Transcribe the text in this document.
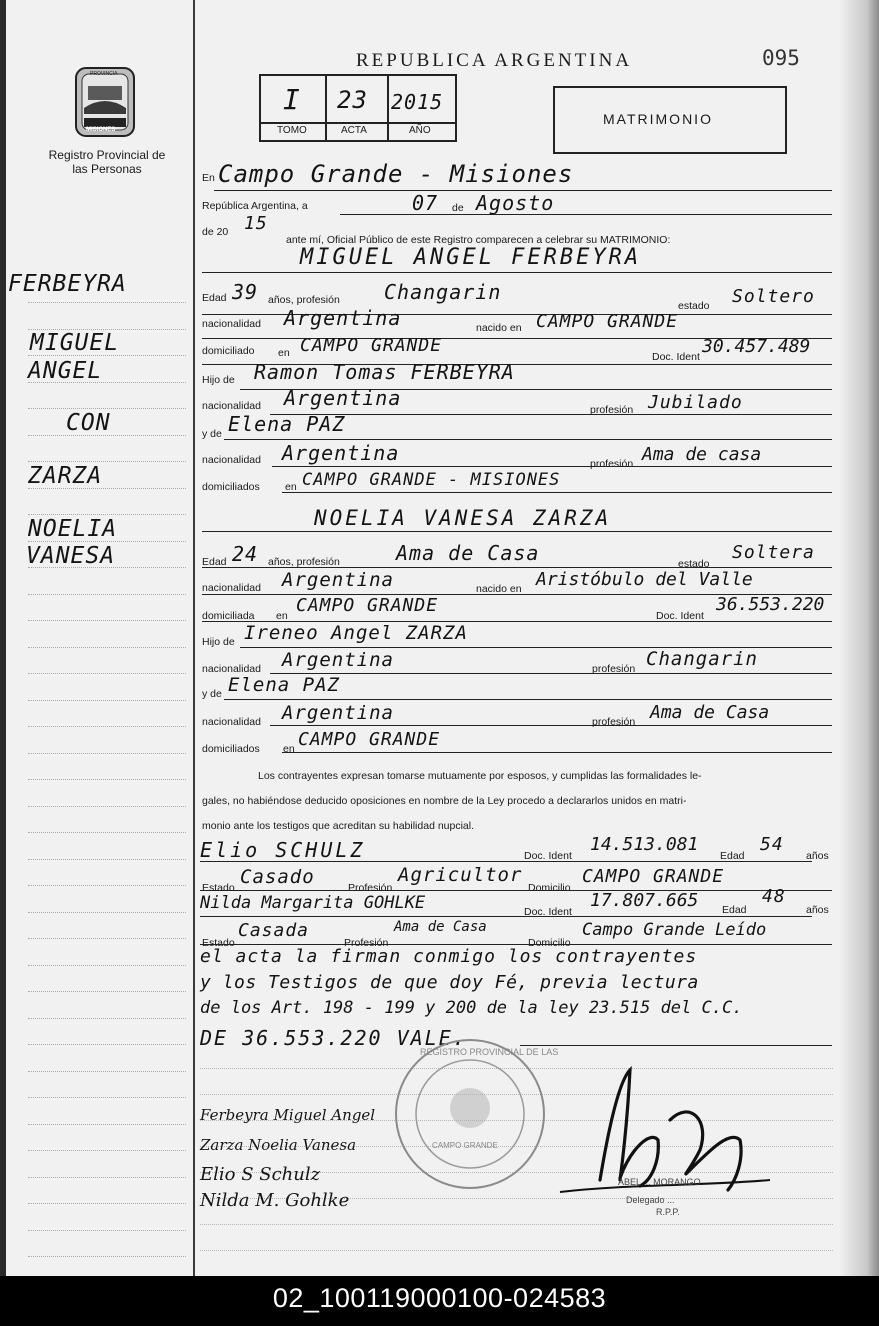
PROVINCIA
MISIONES
Registro Provincial de las Personas
REPUBLICA ARGENTINA	095
I 23 2015
TOMO	ACTA	AÑO
MATRIMONIO
FERBEYRA
MIGUEL
ANGEL
CON
ZARZA
NOELIA
VANESA
En Campo Grande - Misiones
República Argentina, a	07 de Agosto
de 20 15
ante mí, Oficial Público de este Registro comparecen a celebrar su MATRIMONIO:
MIGUEL ANGEL FERBEYRA
Edad 39 años, profesión Changarin
estado Soltero
nacionalidad Argentina	nacido en CAMPO GRANDE
domiciliado en CAMPO GRANDE
Doc. Ident 30.457.489
Hijo de Ramon Tomas FERBEYRA
nacionalidad Argentina	profesión Jubilado
y de Elena PAZ
nacionalidad Argentina	profesión Ama de casa
domiciliados en CAMPO GRANDE - MISIONES
NOELIA VANESA ZARZA
Edad 24 años, profesión	Ama de Casa	estado
Soltera
nacionalidad Argentina	nacido en Aristóbulo del Valle
domiciliada en CAMPO GRANDE	Doc. Ident
36.553.220
Hijo de Ireneo Angel ZARZA
nacionalidad Argentina	profesión Changarin
y de Elena PAZ
nacionalidad Argentina	profesión Ama de Casa
domiciliados en CAMPO GRANDE

Los contrayentes expresan tomarse mutuamente por esposos, y cumplidas las formalidades le-

gales, no habiéndose deducido oposiciones en nombre de la Ley procedo a declararlos unidos en matri-

monio ante los testigos que acreditan su habilidad nupcial.

Elio SCHULZ	Doc. Ident
14.513.081
Edad
54
años
Estado Casado	Profesión
Agricultor
Domicilio
CAMPO GRANDE
Nilda Margarita GOHLKE	Doc. Ident
17.807.665 Edad
48
años
Estado
Casada
Profesión
Ama de Casa
Domicilio
Campo Grande Leído
el acta la firman conmigo los contrayentes
y los Testigos de que doy Fé, previa lectura
de los Art. 198 - 199 y 200 de la ley 23.515 del C.C.
DE 36.553.220 VALE.
REGISTRO PROVINCIAL DE LAS
CAMPO GRANDE
ABEL ... MORANGO
Delegado ...
R.P.P.
Ferbeyra Miguel Angel
Zarza Noelia Vanesa
Elio S Schulz
Nilda M. Gohlke
02_100119000100-024583
